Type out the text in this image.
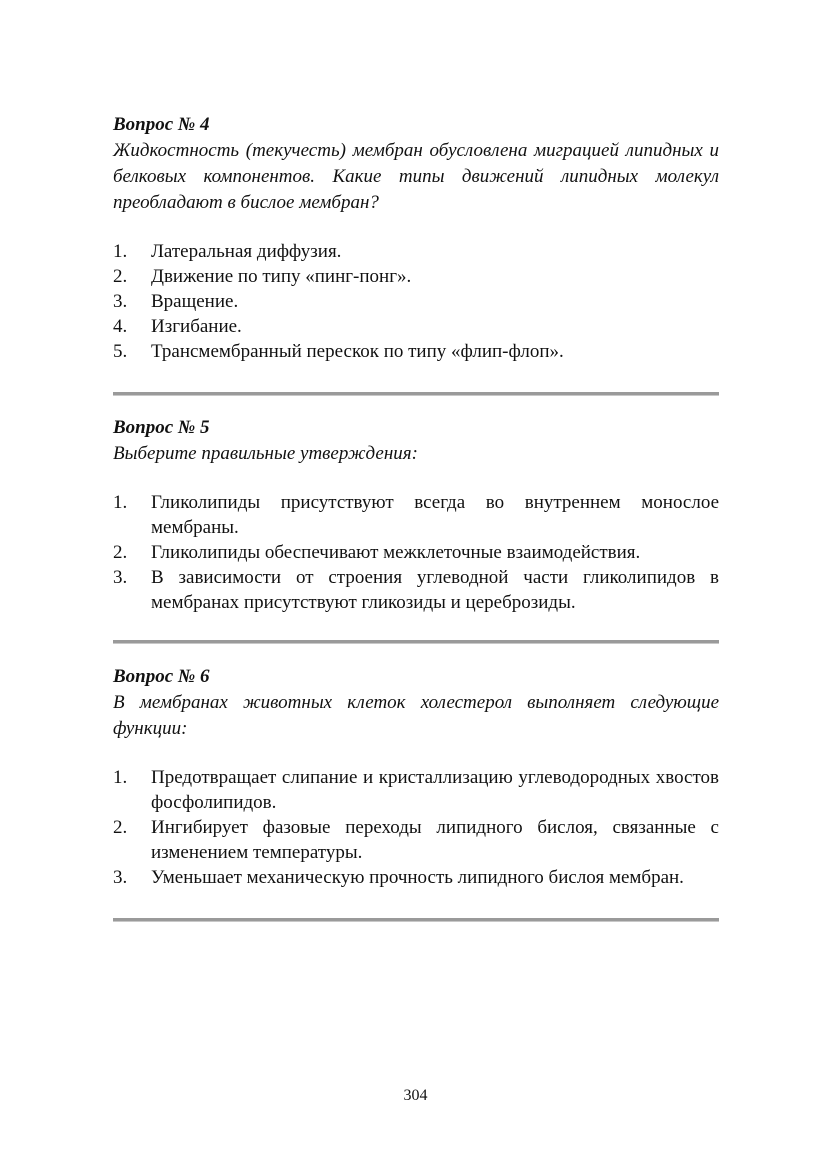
Вопрос № 4

Жидкостность (текучесть) мембран обусловлена миграцией липидных и белковых компонентов. Какие типы движений липидных молекул преобладают в бислое мембран?

1. Латеральная диффузия.
2. Движение по типу «пинг-понг».
3. Вращение.
4. Изгибание.
5. Трансмембранный перескок по типу «флип-флоп».

Вопрос № 5

Выберите правильные утверждения:

1. Гликолипиды присутствуют всегда во внутреннем монослое мембраны.
2. Гликолипиды обеспечивают межклеточные взаимодействия.
3. В зависимости от строения углеводной части гликолипидов в мембранах присутствуют гликозиды и цереброзиды.

Вопрос № 6

В мембранах животных клеток холестерол выполняет следующие функции:

1. Предотвращает слипание и кристаллизацию углеводородных хвостов фосфолипидов.
2. Ингибирует фазовые переходы липидного бислоя, связанные с изменением температуры.
3. Уменьшает механическую прочность липидного бислоя мембран.
304
